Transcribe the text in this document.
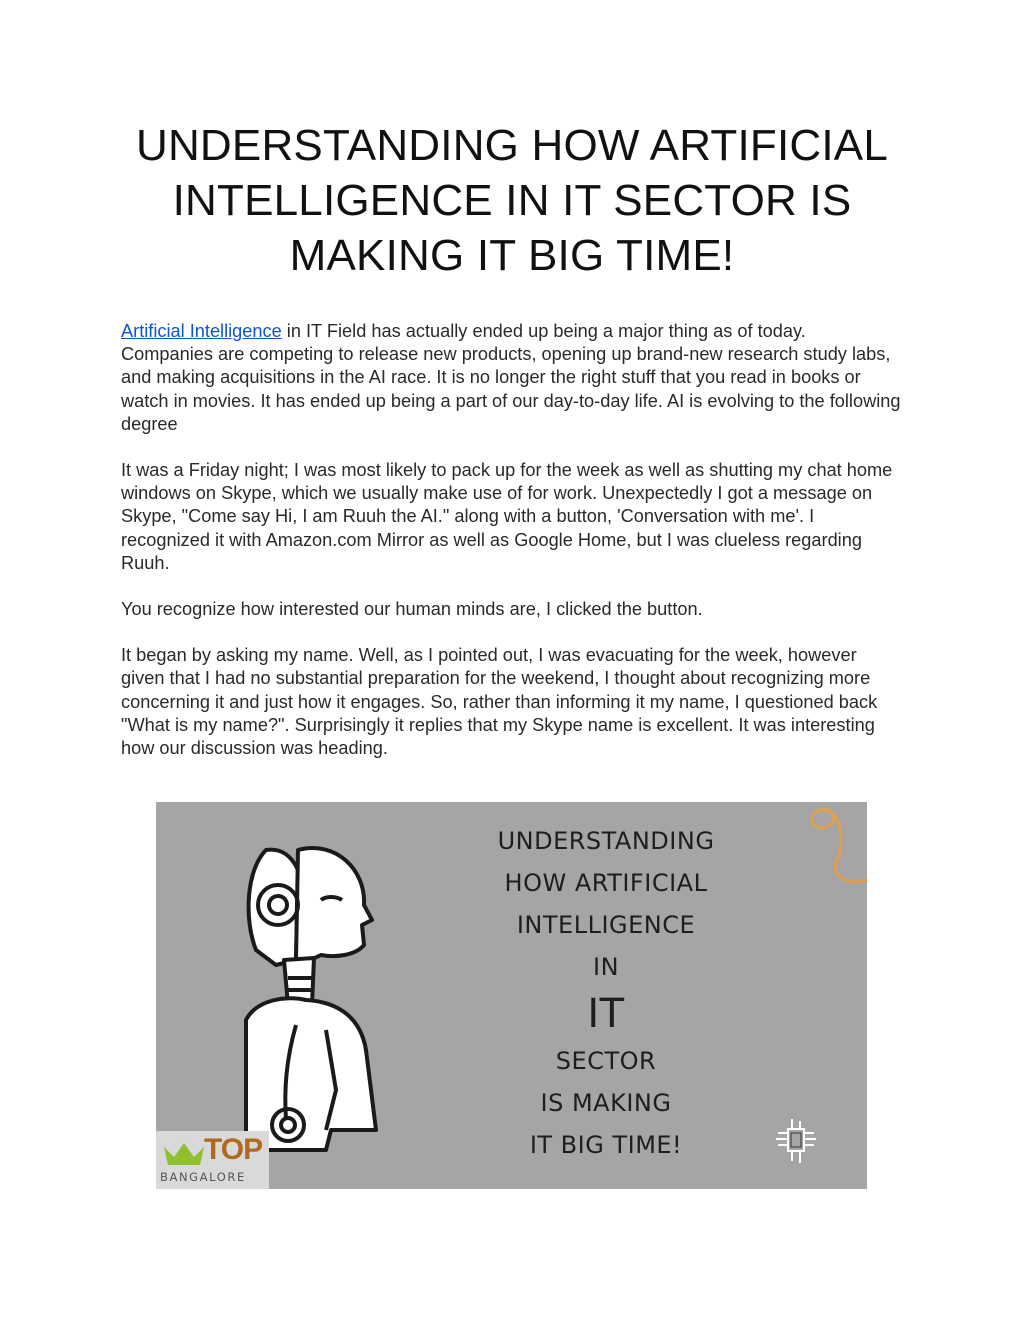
UNDERSTANDING HOW ARTIFICIAL
INTELLIGENCE IN IT SECTOR IS
MAKING IT BIG TIME!

Artificial Intelligence in IT Field has actually ended up being a major thing as of today. Companies are competing to release new products, opening up brand-new research study labs, and making acquisitions in the AI race. It is no longer the right stuff that you read in books or watch in movies. It has ended up being a part of our day-to-day life. AI is evolving to the following degree

It was a Friday night; I was most likely to pack up for the week as well as shutting my chat home windows on Skype, which we usually make use of for work. Unexpectedly I got a message on Skype, "Come say Hi, I am Ruuh the AI." along with a button, 'Conversation with me'. I recognized it with Amazon.com Mirror as well as Google Home, but I was clueless regarding Ruuh.

You recognize how interested our human minds are, I clicked the button.

It began by asking my name. Well, as I pointed out, I was evacuating for the week, however given that I had no substantial preparation for the weekend, I thought about recognizing more concerning it and just how it engages. So, rather than informing it my name, I questioned back "What is my name?". Surprisingly it replies that my Skype name is excellent. It was interesting how our discussion was heading.

UNDERSTANDING
HOW ARTIFICIAL
INTELLIGENCE
IN
IT
SECTOR
IS MAKING
IT BIG TIME!
TOP
BANGALORE
